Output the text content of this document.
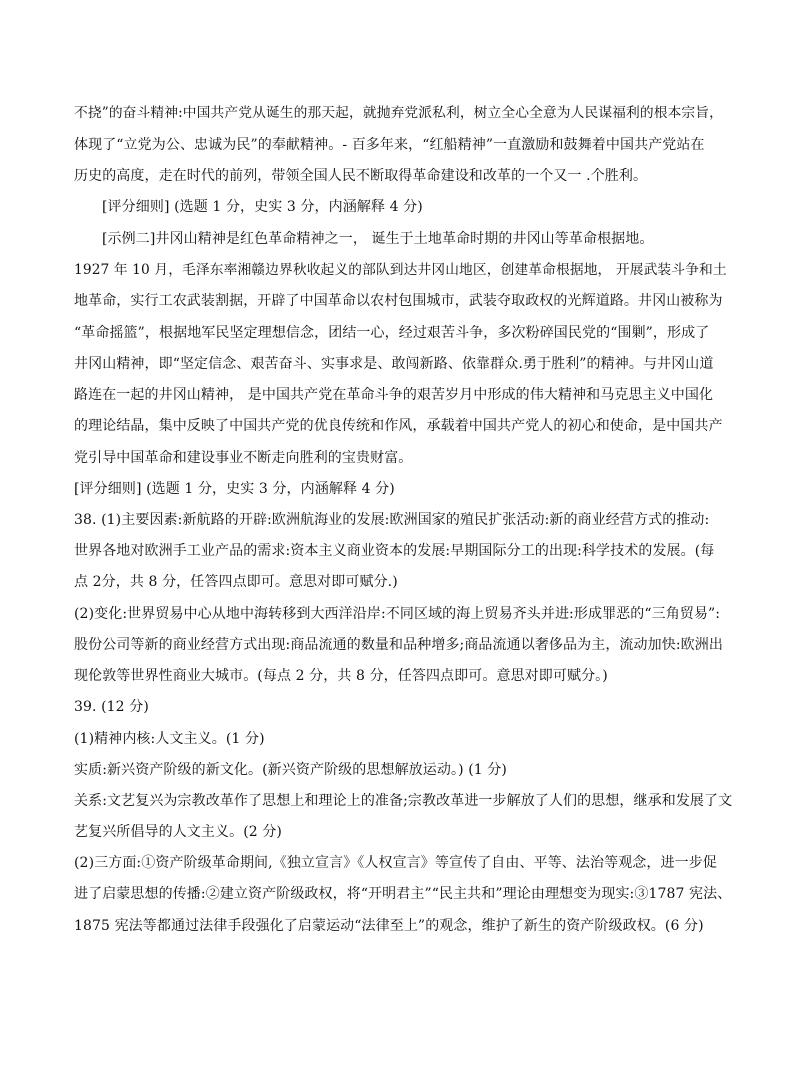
不挠”的奋斗精神:中国共产党从诞生的那天起，就抛弃党派私利，树立全心全意为人民谋福利的根本宗旨，
体现了“立党为公、忠诚为民”的奉献精神。- 百多年来，“红船精神”一直激励和鼓舞着中国共产党站在
历史的高度，走在时代的前列，带领全国人民不断取得革命建设和改革的一个又一 .个胜利。
[评分细则] (选题 1 分，史实 3 分，内涵解释 4 分)
[示例二]井冈山精神是红色革命精神之一， 诞生于土地革命时期的井冈山等革命根据地。
1927 年 10 月，毛泽东率湘赣边界秋收起义的部队到达井冈山地区，创建革命根据地， 开展武装斗争和土
地革命，实行工农武装割据，开辟了中国革命以农村包围城市，武装夺取政权的光辉道路。井冈山被称为
“革命摇篮”，根据地军民坚定理想信念，团结一心，经过艰苦斗争，多次粉碎国民党的“围剿”，形成了
井冈山精神，即“坚定信念、艰苦奋斗、实事求是、敢闯新路、依靠群众.勇于胜利”的精神。与井冈山道
路连在一起的井冈山精神， 是中国共产党在革命斗争的艰苦岁月中形成的伟大精神和马克思主义中国化
的理论结晶，集中反映了中国共产党的优良传统和作风，承载着中国共产党人的初心和使命，是中国共产
党引导中国革命和建设事业不断走向胜利的宝贵财富。
[评分细则] (选题 1 分，史实 3 分，内涵解释 4 分)
38. (1)主要因素:新航路的开辟:欧洲航海业的发展:欧洲国家的殖民扩张活动:新的商业经营方式的推动:
世界各地对欧洲手工业产品的需求:资本主义商业资本的发展:早期国际分工的出现:科学技术的发展。(每
点 2分，共 8 分，任答四点即可。意思对即可赋分.)
(2)变化:世界贸易中心从地中海转移到大西洋沿岸:不同区域的海上贸易齐头并进:形成罪恶的“三角贸易”:
股份公司等新的商业经营方式出现:商品流通的数量和品种增多;商品流通以奢侈品为主，流动加快:欧洲出
现伦敦等世界性商业大城市。(每点 2 分，共 8 分，任答四点即可。意思对即可赋分。)
39. (12 分)
(1)精神内核:人文主义。(1 分)
实质:新兴资产阶级的新文化。(新兴资产阶级的思想解放运动。) (1 分)
关系:文艺复兴为宗教改革作了思想上和理论上的准备;宗教改革进一步解放了人们的思想，继承和发展了文
艺复兴所倡导的人文主义。(2 分)
(2)三方面:①资产阶级革命期间,《独立宣言》《人权宣言》等宣传了自由、平等、法治等观念，进一步促
进了启蒙思想的传播:②建立资产阶级政权，将“开明君主”“民主共和”理论由理想变为现实:③1787 宪法、
1875 宪法等都通过法律手段强化了启蒙运动“法律至上”的观念，维护了新生的资产阶级政权。(6 分)
